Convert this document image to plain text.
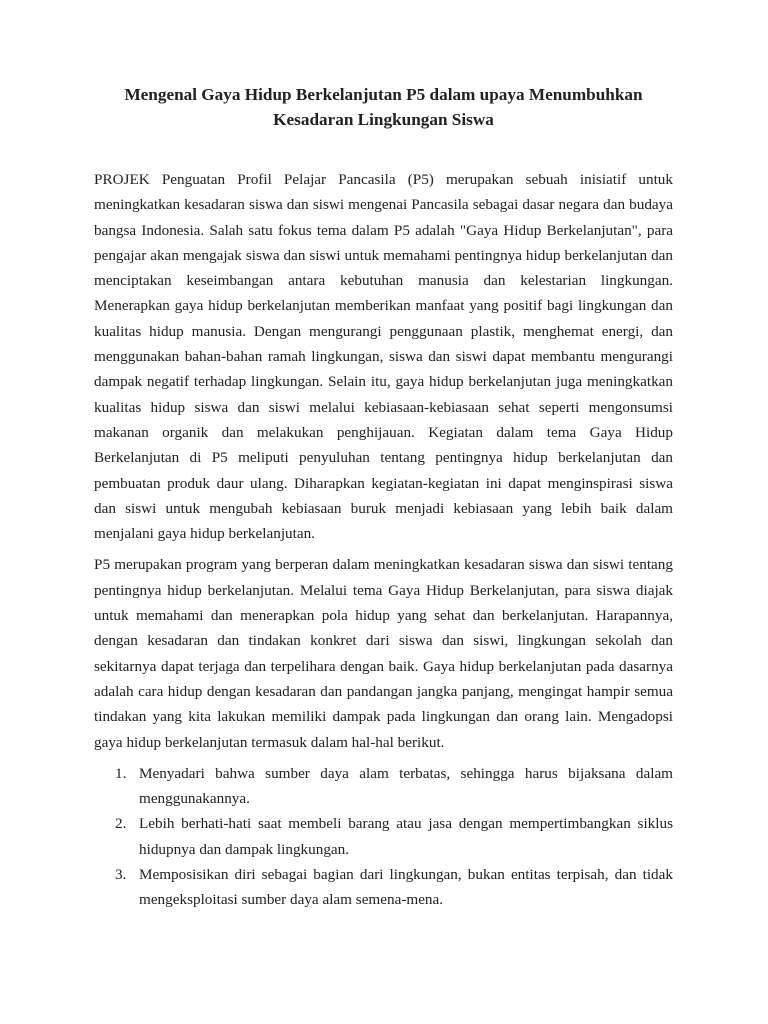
Mengenal Gaya Hidup Berkelanjutan P5 dalam upaya Menumbuhkan Kesadaran Lingkungan Siswa

PROJEK Penguatan Profil Pelajar Pancasila (P5) merupakan sebuah inisiatif untuk meningkatkan kesadaran siswa dan siswi mengenai Pancasila sebagai dasar negara dan budaya bangsa Indonesia. Salah satu fokus tema dalam P5 adalah "Gaya Hidup Berkelanjutan", para pengajar akan mengajak siswa dan siswi untuk memahami pentingnya hidup berkelanjutan dan menciptakan keseimbangan antara kebutuhan manusia dan kelestarian lingkungan. Menerapkan gaya hidup berkelanjutan memberikan manfaat yang positif bagi lingkungan dan kualitas hidup manusia. Dengan mengurangi penggunaan plastik, menghemat energi, dan menggunakan bahan-bahan ramah lingkungan, siswa dan siswi dapat membantu mengurangi dampak negatif terhadap lingkungan. Selain itu, gaya hidup berkelanjutan juga meningkatkan kualitas hidup siswa dan siswi melalui kebiasaan-kebiasaan sehat seperti mengonsumsi makanan organik dan melakukan penghijauan. Kegiatan dalam tema Gaya Hidup Berkelanjutan di P5 meliputi penyuluhan tentang pentingnya hidup berkelanjutan dan pembuatan produk daur ulang. Diharapkan kegiatan-kegiatan ini dapat menginspirasi siswa dan siswi untuk mengubah kebiasaan buruk menjadi kebiasaan yang lebih baik dalam menjalani gaya hidup berkelanjutan.

P5 merupakan program yang berperan dalam meningkatkan kesadaran siswa dan siswi tentang pentingnya hidup berkelanjutan. Melalui tema Gaya Hidup Berkelanjutan, para siswa diajak untuk memahami dan menerapkan pola hidup yang sehat dan berkelanjutan. Harapannya, dengan kesadaran dan tindakan konkret dari siswa dan siswi, lingkungan sekolah dan sekitarnya dapat terjaga dan terpelihara dengan baik. Gaya hidup berkelanjutan pada dasarnya adalah cara hidup dengan kesadaran dan pandangan jangka panjang, mengingat hampir semua tindakan yang kita lakukan memiliki dampak pada lingkungan dan orang lain. Mengadopsi gaya hidup berkelanjutan termasuk dalam hal-hal berikut.

1. Menyadari bahwa sumber daya alam terbatas, sehingga harus bijaksana dalam menggunakannya.
2. Lebih berhati-hati saat membeli barang atau jasa dengan mempertimbangkan siklus hidupnya dan dampak lingkungan.
3. Memposisikan diri sebagai bagian dari lingkungan, bukan entitas terpisah, dan tidak mengeksploitasi sumber daya alam semena-mena.
